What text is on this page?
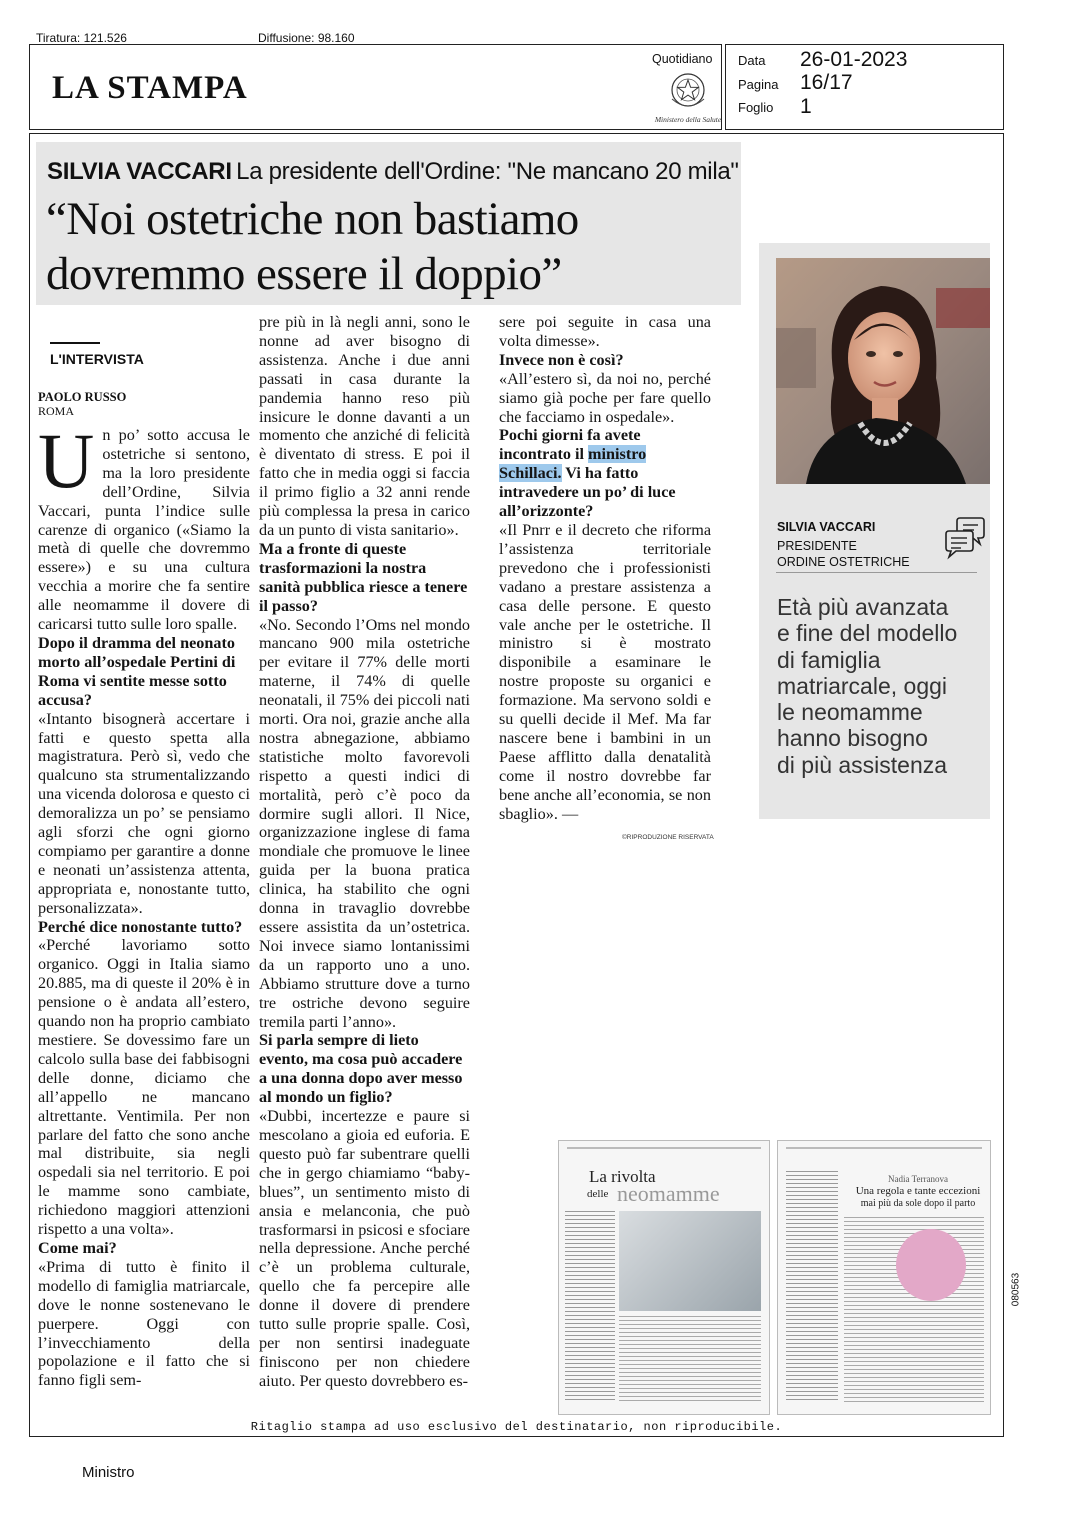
Tiratura: 121.526	Diffusione: 98.160
LA STAMPA
Quotidiano
Ministero della Salute
Data 26-01-2023
Pagina 16/17
Foglio 1
SILVIA VACCARI La presidente dell'Ordine: "Ne mancano 20 mila"
“Noi ostetriche non bastiamo
dovremmo essere il doppio”
L'INTERVISTA
PAOLO RUSSO
ROMA
U n po’ sotto accusa le ostetriche si sentono, ma la loro presidente dell’Ordine, Silvia Vaccari, punta l’indice sulle carenze di organico («Siamo la metà di quelle che dovremmo essere») e su una cultura vecchia a morire che fa sentire alle neomamme il dovere di caricarsi tutto sulle loro spalle.

Dopo il dramma del neonato morto all’ospedale Pertini di Roma vi sentite messe sotto accusa?

«Intanto bisognerà accertare i fatti e questo spetta alla magistratura. Però sì, vedo che qualcuno sta strumentalizzando una vicenda dolorosa e questo ci demoralizza un po’ se pensiamo agli sforzi che ogni giorno compiamo per garantire a donne e neonati un’assistenza attenta, appropriata e, nonostante tutto, personalizzata».

Perché dice nonostante tutto?

«Perché lavoriamo sotto organico. Oggi in Italia siamo 20.885, ma di queste il 20% è in pensione o è andata all’estero, quando non ha proprio cambiato mestiere. Se dovessimo fare un calcolo sulla base dei fabbisogni delle donne, diciamo che all’appello ne mancano altrettante. Ventimila. Per non parlare del fatto che sono anche mal distribuite, sia negli ospedali sia nel territorio. E poi le mamme sono cambiate, richiedono maggiori attenzioni rispetto a una volta».

Come mai?

«Prima di tutto è finito il modello di famiglia matriarcale, dove le nonne sostenevano le puerpere. Oggi con l’invecchiamento della popolazione e il fatto che si fanno figli sem-

pre più in là negli anni, sono le nonne ad aver bisogno di assistenza. Anche i due anni passati in casa durante la pandemia hanno reso più insicure le donne davanti a un momento che anziché di felicità è diventato di stress. E poi il fatto che in media oggi si faccia il primo figlio a 32 anni rende più complessa la presa in carico da un punto di vista sanitario».

Ma a fronte di queste trasformazioni la nostra sanità pubblica riesce a tenere il passo?

«No. Secondo l’Oms nel mondo mancano 900 mila ostetriche per evitare il 77% delle morti materne, il 74% di quelle neonatali, il 75% dei piccoli nati morti. Ora noi, grazie anche alla nostra abnegazione, abbiamo statistiche molto favorevoli rispetto a questi indici di mortalità, però c’è poco da dormire sugli allori. Il Nice, organizzazione inglese di fama mondiale che promuove le linee guida per la buona pratica clinica, ha stabilito che ogni donna in travaglio dovrebbe essere assistita da un’ostetrica. Noi invece siamo lontanissimi da un rapporto uno a uno. Abbiamo strutture dove a turno tre ostriche devono seguire tremila parti l’anno».

Si parla sempre di lieto evento, ma cosa può accadere a una donna dopo aver messo al mondo un figlio?

«Dubbi, incertezze e paure si mescolano a gioia ed euforia. E questo può far subentrare quelli che in gergo chiamiamo “baby-blues”, un sentimento misto di ansia e melanconia, che può trasformarsi in psicosi e sfociare nella depressione. Anche perché c’è un problema culturale, quello che fa percepire alle donne il dovere di prendere tutto sulle proprie spalle. Così, per non sentirsi inadeguate finiscono per non chiedere aiuto. Per questo dovrebbero es-

sere poi seguite in casa una volta dimesse».

Invece non è così?

«All’estero sì, da noi no, perché siamo già poche per fare quello che facciamo in ospedale».

Pochi giorni fa avete incontrato il ministro Schillaci. Vi ha fatto intravedere un po’ di luce all’orizzonte?

«Il Pnrr e il decreto che riforma l’assistenza territoriale prevedono che i professionisti vadano a prestare assistenza a casa delle persone. E questo vale anche per le ostetriche. Il ministro si è mostrato disponibile a esaminare le nostre proposte su organici e formazione. Ma servono soldi e su quelli decide il Mef. Ma far nascere bene i bambini in un Paese afflitto dalla denatalità come il nostro dovrebbe far bene anche all’economia, se non sbaglio». —

©RIPRODUZIONE RISERVATA
SILVIA VACCARI
PRESIDENTE
ORDINE OSTETRICHE
Età più avanzata
e fine del modello
di famiglia
matriarcale, oggi
le neomamme
hanno bisogno
di più assistenza
La rivolta
delle neomamme
Nadia Terranova
Una regola e tante eccezioni
mai più da sole dopo il parto
080563
Ritaglio stampa ad uso esclusivo del destinatario, non riproducibile.
Ministro
